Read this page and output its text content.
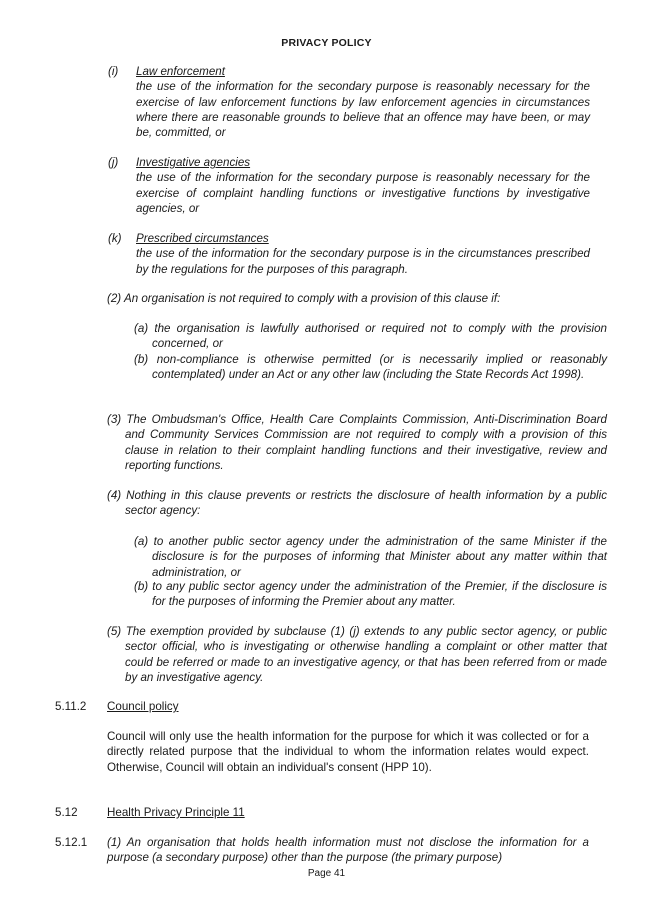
PRIVACY POLICY
(i)	Law enforcement
the use of the information for the secondary purpose is reasonably necessary for the exercise of law enforcement functions by law enforcement agencies in circumstances where there are reasonable grounds to believe that an offence may have been, or may be, committed, or
(j)	Investigative agencies
the use of the information for the secondary purpose is reasonably necessary for the exercise of complaint handling functions or investigative functions by investigative agencies, or
(k)	Prescribed circumstances
the use of the information for the secondary purpose is in the circumstances prescribed by the regulations for the purposes of this paragraph.
(2) An organisation is not required to comply with a provision of this clause if:
(a) the organisation is lawfully authorised or required not to comply with the provision concerned, or
(b) non-compliance is otherwise permitted (or is necessarily implied or reasonably contemplated) under an Act or any other law (including the State Records Act 1998).
(3) The Ombudsman's Office, Health Care Complaints Commission, Anti-Discrimination Board and Community Services Commission are not required to comply with a provision of this clause in relation to their complaint handling functions and their investigative, review and reporting functions.
(4) Nothing in this clause prevents or restricts the disclosure of health information by a public sector agency:
(a) to another public sector agency under the administration of the same Minister if the disclosure is for the purposes of informing that Minister about any matter within that administration, or
(b) to any public sector agency under the administration of the Premier, if the disclosure is for the purposes of informing the Premier about any matter.
(5) The exemption provided by subclause (1) (j) extends to any public sector agency, or public sector official, who is investigating or otherwise handling a complaint or other matter that could be referred or made to an investigative agency, or that has been referred from or made by an investigative agency.
5.11.2 Council policy
Council will only use the health information for the purpose for which it was collected or for a directly related purpose that the individual to whom the information relates would expect. Otherwise, Council will obtain an individual's consent (HPP 10).
5.12	Health Privacy Principle 11
5.12.1 (1) An organisation that holds health information must not disclose the information for a purpose (a secondary purpose) other than the purpose (the primary purpose)
Page 41
